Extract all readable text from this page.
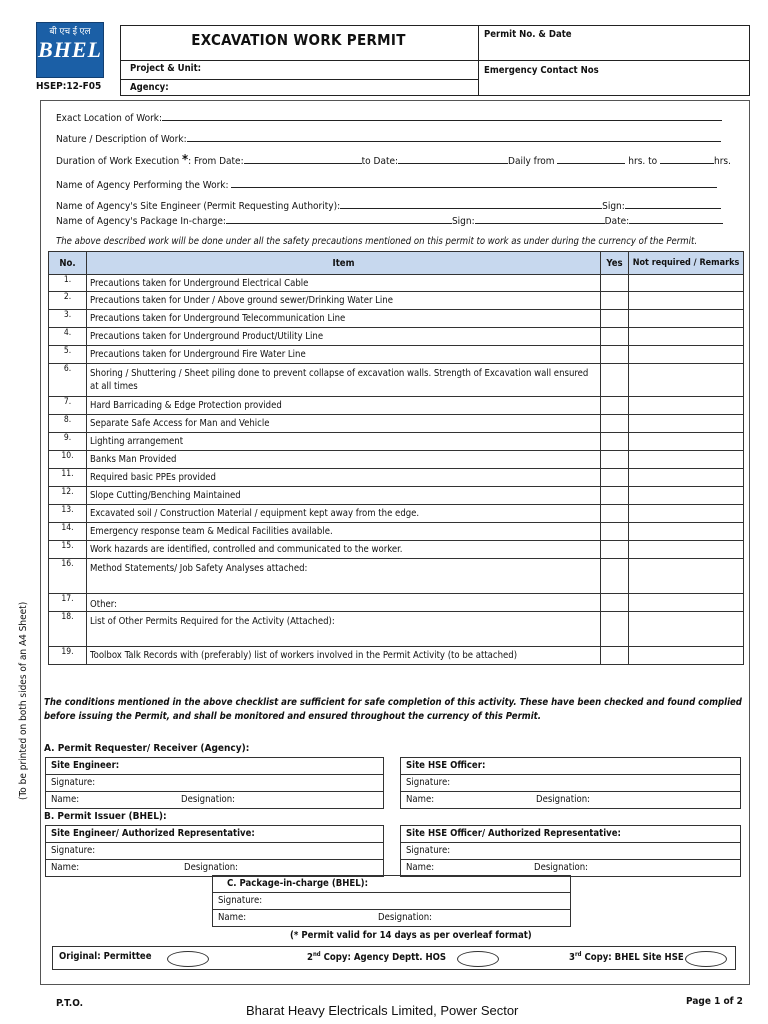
बी एच ई एल
BHEL
HSEP:12-F05
EXCAVATION WORK PERMIT	Permit No. & Date
Project & Unit:	Emergency Contact Nos
Agency:
(To be printed on both sides of an A4 Sheet)
Exact Location of Work:
Nature / Description of Work:
Duration of Work Execution *: From Date:	to Date:	Daily from	hrs. to	hrs.
Name of Agency Performing the Work:
Name of Agency's Site Engineer (Permit Requesting Authority):	Sign:
Name of Agency's Package In-charge:	Sign:	Date:
The above described work will be done under all the safety precautions mentioned on this permit to work as under during the currency of the Permit.
No.	Item	Yes	Not required / Remarks
1.	Precautions taken for Underground Electrical Cable		
2.	Precautions taken for Under / Above ground sewer/Drinking Water Line		
3.	Precautions taken for Underground Telecommunication Line		
4.	Precautions taken for Underground Product/Utility Line		
5.	Precautions taken for Underground Fire Water Line		
6.	Shoring / Shuttering / Sheet piling done to prevent collapse of excavation walls. Strength of Excavation wall ensured at all times		
7.	Hard Barricading & Edge Protection provided		
8.	Separate Safe Access for Man and Vehicle		
9.	Lighting arrangement		
10.	Banks Man Provided		
11.	Required basic PPEs provided		
12.	Slope Cutting/Benching Maintained		
13.	Excavated soil / Construction Material / equipment kept away from the edge.		
14.	Emergency response team & Medical Facilities available.		
15.	Work hazards are identified, controlled and communicated to the worker.		
16.	Method Statements/ Job Safety Analyses attached:		
17.	Other:		
18.	List of Other Permits Required for the Activity (Attached):		
19.	Toolbox Talk Records with (preferably) list of workers involved in the Permit Activity (to be attached)		
The conditions mentioned in the above checklist are sufficient for safe completion of this activity. These have been checked and found complied before issuing the Permit, and shall be monitored and ensured throughout the currency of this Permit.
A. Permit Requester/ Receiver (Agency):
Site Engineer:
Signature:
Name:	Designation:
Site HSE Officer:
Signature:
Name:	Designation:
B. Permit Issuer (BHEL):
Site Engineer/ Authorized Representative:
Signature:
Name:	Designation:
Site HSE Officer/ Authorized Representative:
Signature:
Name:	Designation:
C. Package-in-charge (BHEL):
Signature:
Name:	Designation:
(* Permit valid for 14 days as per overleaf format)
Original: Permittee	2nd Copy: Agency Deptt. HOS	3rd Copy: BHEL Site HSE
P.T.O.	Bharat Heavy Electricals Limited, Power Sector
Page 1 of 2
